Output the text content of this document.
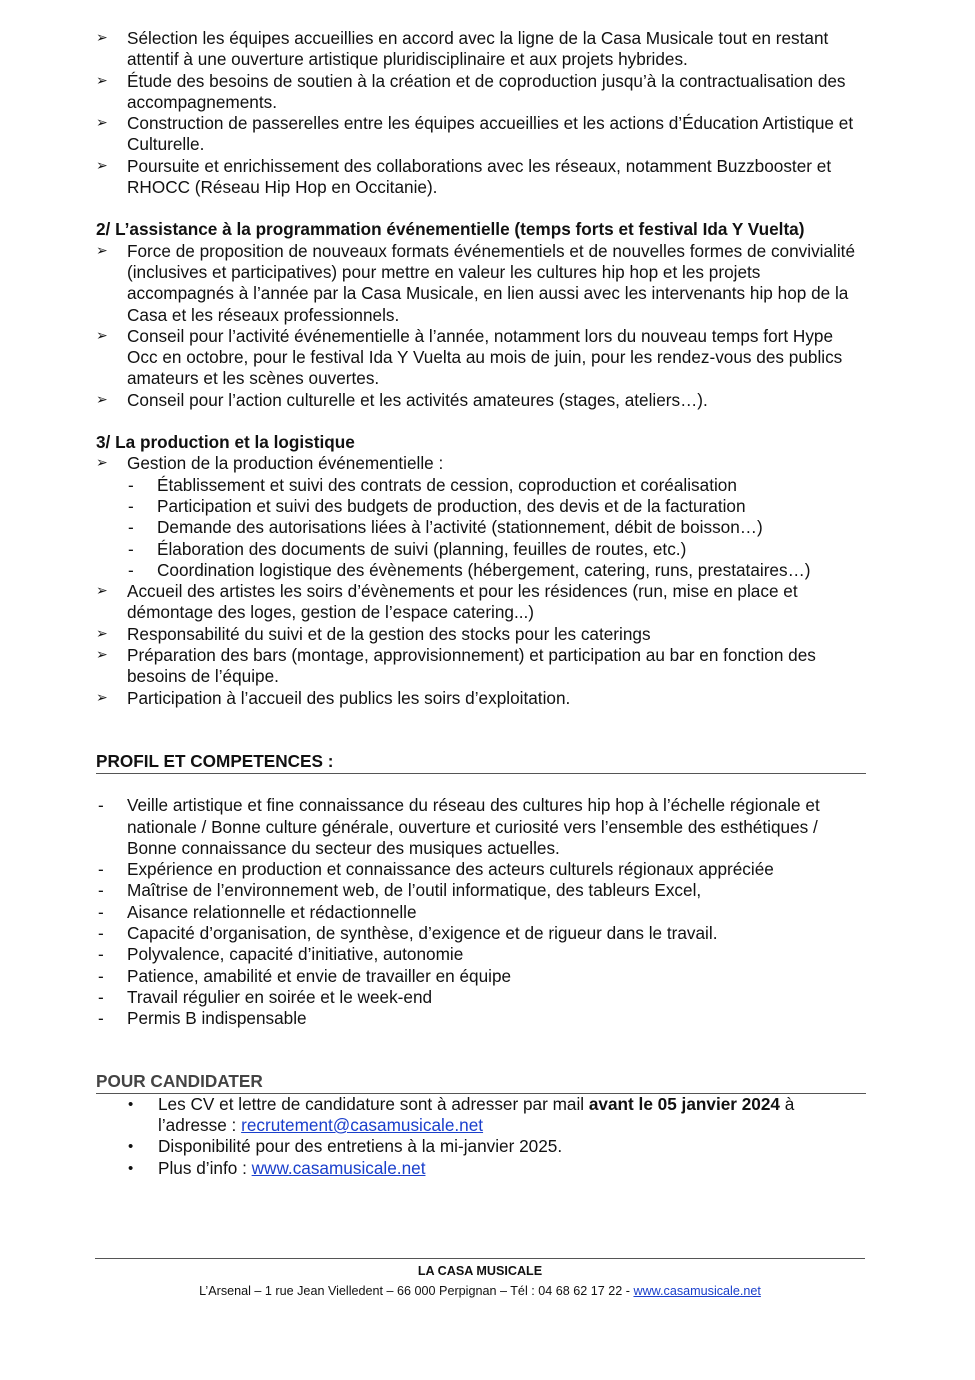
➢ Sélection les équipes accueillies en accord avec la ligne de la Casa Musicale tout en restant attentif à une ouverture artistique pluridisciplinaire et aux projets hybrides.
➢ Étude des besoins de soutien à la création et de coproduction jusqu’à la contractualisation des accompagnements.
➢ Construction de passerelles entre les équipes accueillies et les actions d’Éducation Artistique et Culturelle.
➢ Poursuite et enrichissement des collaborations avec les réseaux, notamment Buzzbooster et RHOCC (Réseau Hip Hop en Occitanie).
2/ L’assistance à la programmation événementielle (temps forts et festival Ida Y Vuelta)
➢ Force de proposition de nouveaux formats événementiels et de nouvelles formes de convivialité (inclusives et participatives) pour mettre en valeur les cultures hip hop et les projets accompagnés à l’année par la Casa Musicale, en lien aussi avec les intervenants hip hop de la Casa et les réseaux professionnels.
➢ Conseil pour l’activité événementielle à l’année, notamment lors du nouveau temps fort Hype Occ en octobre, pour le festival Ida Y Vuelta au mois de juin, pour les rendez-vous des publics amateurs et les scènes ouvertes.
➢ Conseil pour l’action culturelle et les activités amateures (stages, ateliers…).
3/ La production et la logistique
➢ Gestion de la production événementielle :
- Établissement et suivi des contrats de cession, coproduction et coréalisation
- Participation et suivi des budgets de production, des devis et de la facturation
- Demande des autorisations liées à l’activité (stationnement, débit de boisson…)
- Élaboration des documents de suivi (planning, feuilles de routes, etc.)
- Coordination logistique des évènements (hébergement, catering, runs, prestataires…)
➢ Accueil des artistes les soirs d’évènements et pour les résidences (run, mise en place et démontage des loges, gestion de l’espace catering...)
➢ Responsabilité du suivi et de la gestion des stocks pour les caterings
➢ Préparation des bars (montage, approvisionnement) et participation au bar en fonction des besoins de l’équipe.
➢ Participation à l’accueil des publics les soirs d’exploitation.
PROFIL ET COMPETENCES :
- Veille artistique et fine connaissance du réseau des cultures hip hop à l’échelle régionale et nationale / Bonne culture générale, ouverture et curiosité vers l’ensemble des esthétiques / Bonne connaissance du secteur des musiques actuelles.
- Expérience en production et connaissance des acteurs culturels régionaux appréciée
- Maîtrise de l’environnement web, de l’outil informatique, des tableurs Excel,
- Aisance relationnelle et rédactionnelle
- Capacité d’organisation, de synthèse, d’exigence et de rigueur dans le travail.
- Polyvalence, capacité d’initiative, autonomie
- Patience, amabilité et envie de travailler en équipe
- Travail régulier en soirée et le week-end
- Permis B indispensable
POUR CANDIDATER
• Les CV et lettre de candidature sont à adresser par mail avant le 05 janvier 2024 à l’adresse : recrutement@casamusicale.net
• Disponibilité pour des entretiens à la mi-janvier 2025.
• Plus d’info : www.casamusicale.net
LA CASA MUSICALE
L’Arsenal – 1 rue Jean Vielledent – 66 000 Perpignan – Tél : 04 68 62 17 22 - www.casamusicale.net
